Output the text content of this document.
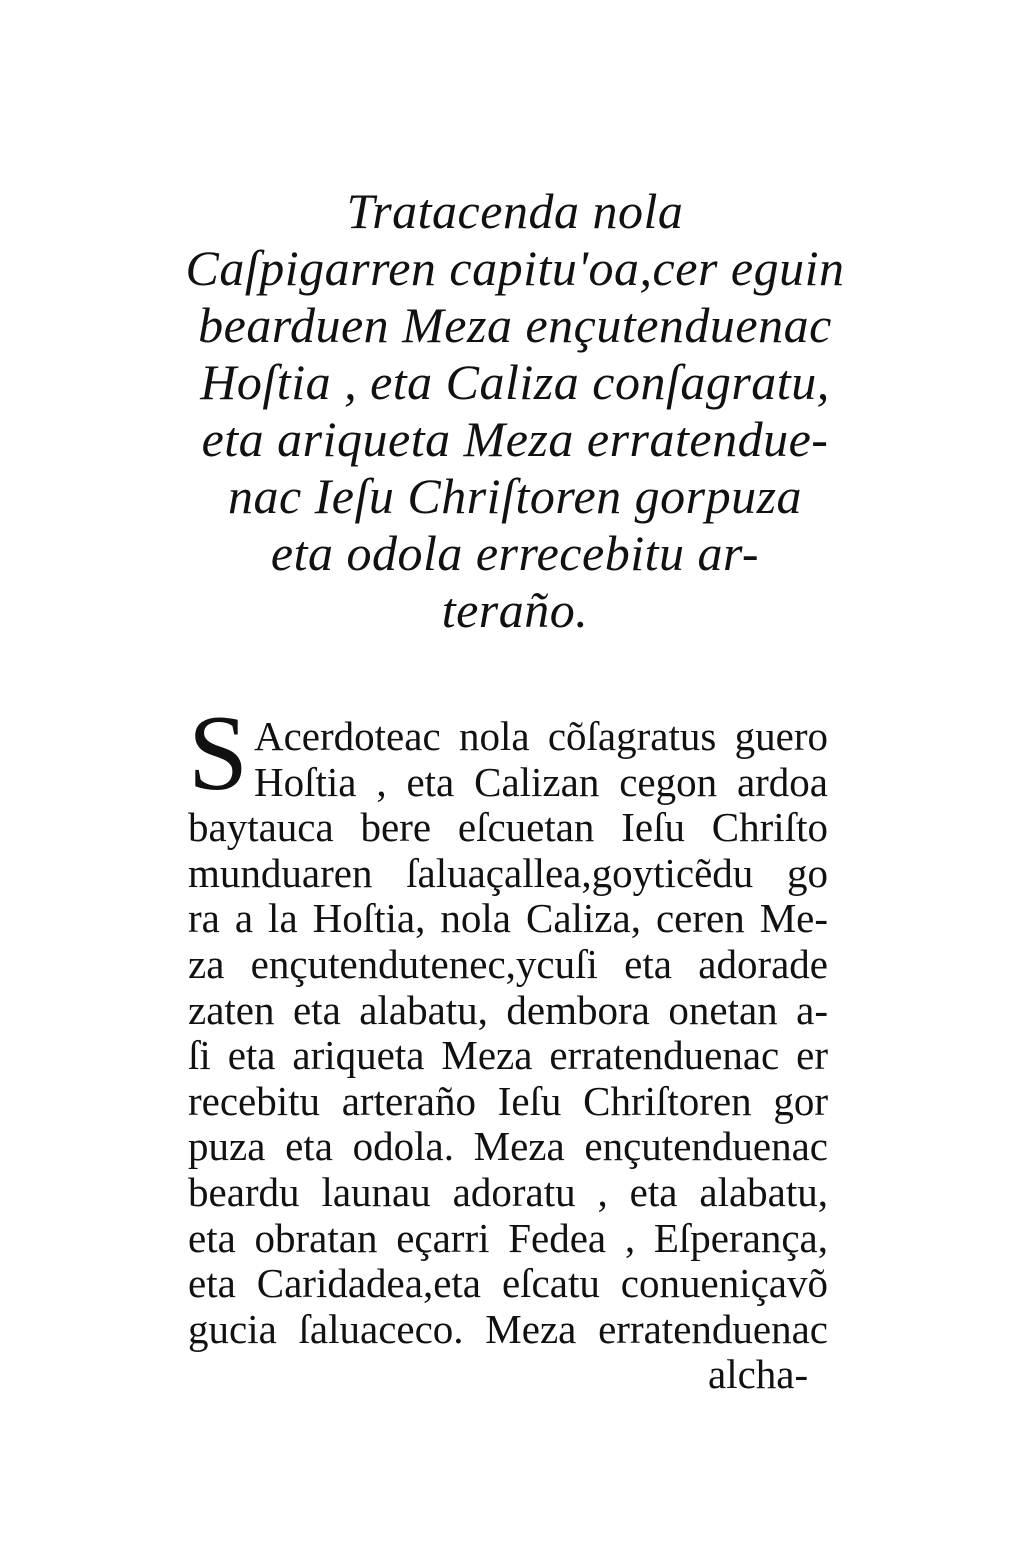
Tratacenda nola
Caſpigarren capitu'oa,cer eguin
bearduen Meza ençutenduenac
Hoſtia , eta Caliza conſagratu,
eta ariqueta Meza erratendue-
nac Ieſu Chriſtoren gorpuza
eta odola errecebitu ar-
teraño.
S Acerdoteac nola cõſagratus guero
Hoſtia , eta Calizan cegon ardoa
baytauca bere eſcuetan Ieſu Chriſto
munduaren ſaluaçallea,goyticẽdu go
ra a la Hoſtia, nola Caliza, ceren Me-
za ençutendutenec,ycuſi eta adorade
zaten eta alabatu, dembora onetan a-
ſi eta ariqueta Meza erratenduenac er
recebitu arteraño Ieſu Chriſtoren gor
puza eta odola. Meza ençutenduenac
beardu launau adoratu , eta alabatu,
eta obratan eçarri Fedea , Eſperança,
eta Caridadea,eta eſcatu conueniçavõ
gucia ſaluaceco. Meza erratenduenac
alcha-
